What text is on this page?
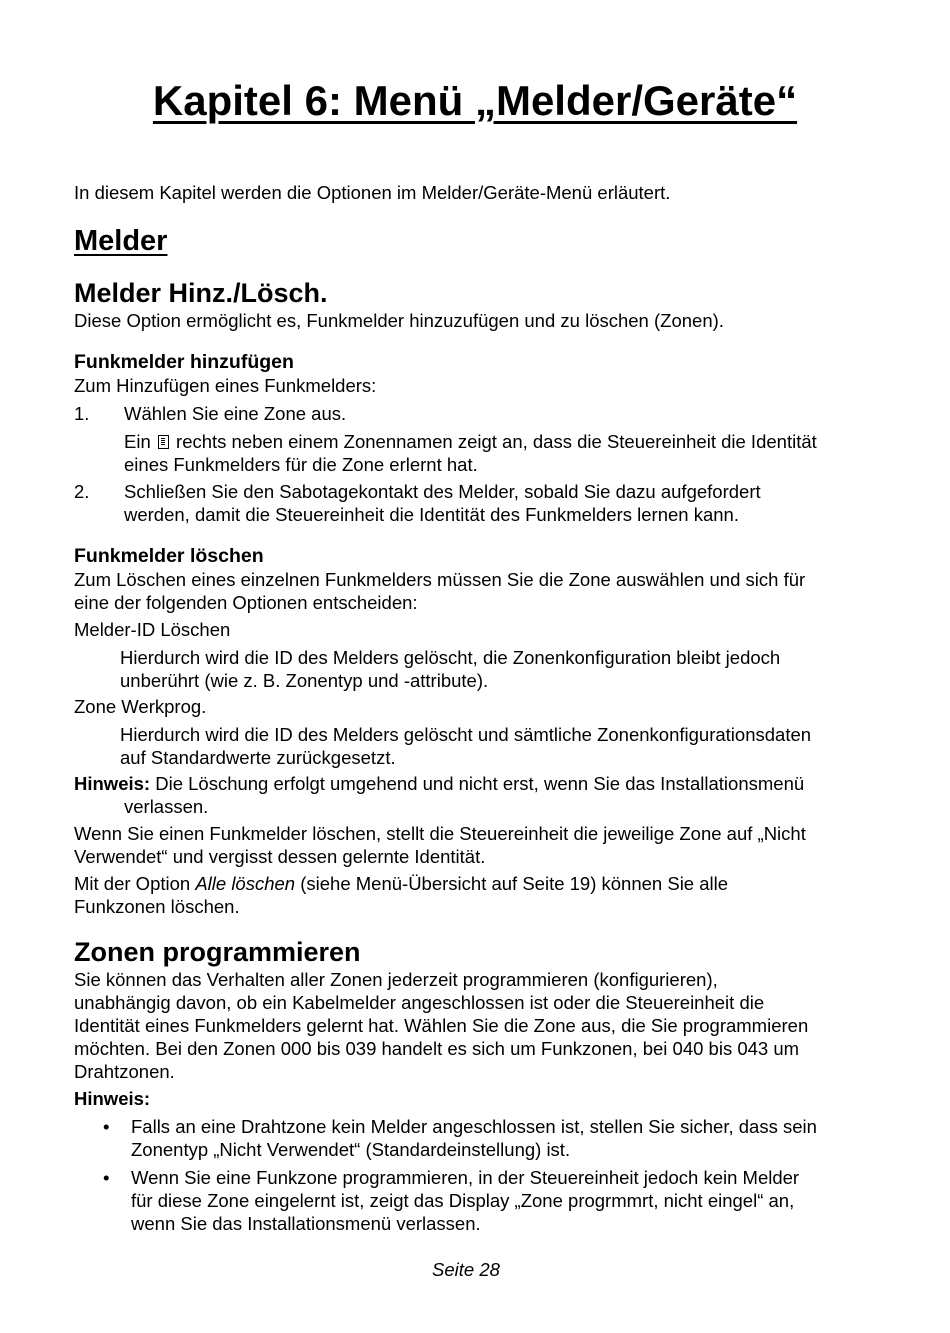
Kapitel 6: Menü „Melder/Geräte“

In diesem Kapitel werden die Optionen im Melder/Geräte-Menü erläutert.

Melder
Melder Hinz./Lösch.

Diese Option ermöglicht es, Funkmelder hinzuzufügen und zu löschen (Zonen).

Funkmelder hinzufügen

Zum Hinzufügen eines Funkmelders:

1. Wählen Sie eine Zone aus.

Ein rechts neben einem Zonennamen zeigt an, dass die Steuereinheit die Identität

eines Funkmelders für die Zone erlernt hat.

2. Schließen Sie den Sabotagekontakt des Melder, sobald Sie dazu aufgefordert

werden, damit die Steuereinheit die Identität des Funkmelders lernen kann.

Funkmelder löschen

Zum Löschen eines einzelnen Funkmelders müssen Sie die Zone auswählen und sich für

eine der folgenden Optionen entscheiden:

Melder-ID Löschen

Hierdurch wird die ID des Melders gelöscht, die Zonenkonfiguration bleibt jedoch

unberührt (wie z. B. Zonentyp und -attribute).

Zone Werkprog.

Hierdurch wird die ID des Melders gelöscht und sämtliche Zonenkonfigurationsdaten

auf Standardwerte zurückgesetzt.

Hinweis: Die Löschung erfolgt umgehend und nicht erst, wenn Sie das Installationsmenü

verlassen.

Wenn Sie einen Funkmelder löschen, stellt die Steuereinheit die jeweilige Zone auf „Nicht

Verwendet“ und vergisst dessen gelernte Identität.

Mit der Option Alle löschen (siehe Menü-Übersicht auf Seite 19) können Sie alle

Funkzonen löschen.

Zonen programmieren

Sie können das Verhalten aller Zonen jederzeit programmieren (konfigurieren),

unabhängig davon, ob ein Kabelmelder angeschlossen ist oder die Steuereinheit die

Identität eines Funkmelders gelernt hat. Wählen Sie die Zone aus, die Sie programmieren

möchten. Bei den Zonen 000 bis 039 handelt es sich um Funkzonen, bei 040 bis 043 um

Drahtzonen.

Hinweis:

• Falls an eine Drahtzone kein Melder angeschlossen ist, stellen Sie sicher, dass sein

Zonentyp „Nicht Verwendet“ (Standardeinstellung) ist.

• Wenn Sie eine Funkzone programmieren, in der Steuereinheit jedoch kein Melder

für diese Zone eingelernt ist, zeigt das Display „Zone progrmmrt, nicht eingel“ an,

wenn Sie das Installationsmenü verlassen.

Seite 28
